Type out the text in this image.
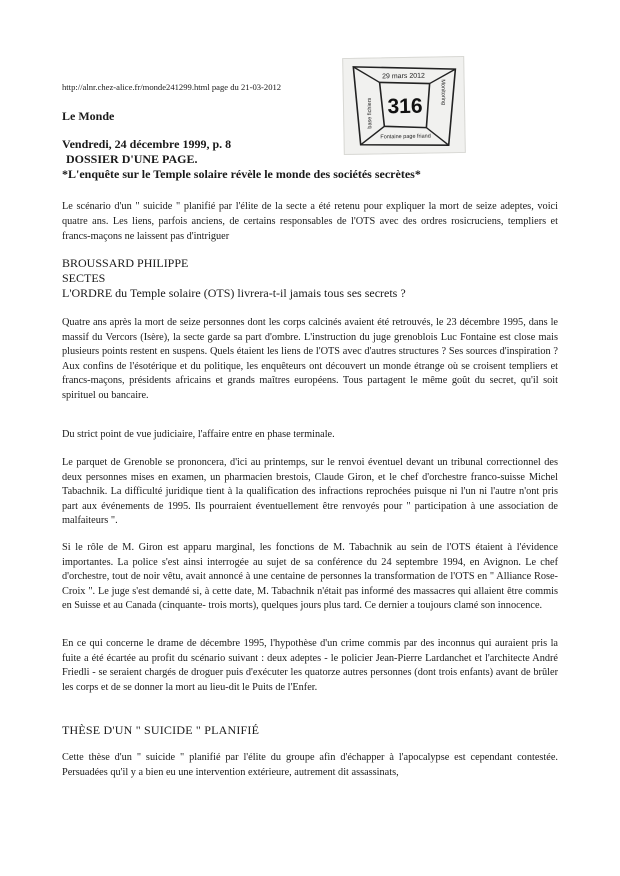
http://alnr.chez-alice.fr/monde241299.html page du 21-03-2012
29 mars 2012
316
base fichiers
Monitoring
Fontaine page friand
Le Monde
Vendredi, 24 décembre 1999, p. 8
DOSSIER D'UNE PAGE.
*L'enquête sur le Temple solaire révèle le monde des sociétés secrètes*
Le scénario d'un " suicide " planifié par l'élite de la secte a été retenu pour expliquer la mort de seize adeptes, voici quatre ans. Les liens, parfois anciens, de certains responsables de l'OTS avec des ordres rosicruciens, templiers et francs-maçons ne laissent pas d'intriguer
BROUSSARD PHILIPPE
SECTES
L'ORDRE du Temple solaire (OTS) livrera-t-il jamais tous ses secrets ?
Quatre ans après la mort de seize personnes dont les corps calcinés avaient été retrouvés, le 23 décembre 1995, dans le massif du Vercors (Isère), la secte garde sa part d'ombre. L'instruction du juge grenoblois Luc Fontaine est close mais plusieurs points restent en suspens. Quels étaient les liens de l'OTS avec d'autres structures ? Ses sources d'inspiration ? Aux confins de l'ésotérique et du politique, les enquêteurs ont découvert un monde étrange où se croisent templiers et francs-maçons, présidents africains et grands maîtres européens. Tous partagent le même goût du secret, qu'il soit spirituel ou bancaire.
Du strict point de vue judiciaire, l'affaire entre en phase terminale.
Le parquet de Grenoble se prononcera, d'ici au printemps, sur le renvoi éventuel devant un tribunal correctionnel des deux personnes mises en examen, un pharmacien brestois, Claude Giron, et le chef d'orchestre franco-suisse Michel Tabachnik. La difficulté juridique tient à la qualification des infractions reprochées puisque ni l'un ni l'autre n'ont pris part aux événements de 1995. Ils pourraient éventuellement être renvoyés pour " participation à une association de malfaiteurs ".
Si le rôle de M. Giron est apparu marginal, les fonctions de M. Tabachnik au sein de l'OTS étaient à l'évidence importantes. La police s'est ainsi interrogée au sujet de sa conférence du 24 septembre 1994, en Avignon. Le chef d'orchestre, tout de noir vêtu, avait annoncé à une centaine de personnes la transformation de l'OTS en " Alliance Rose-Croix ". Le juge s'est demandé si, à cette date, M. Tabachnik n'était pas informé des massacres qui allaient être commis en Suisse et au Canada (cinquante- trois morts), quelques jours plus tard. Ce dernier a toujours clamé son innocence.
En ce qui concerne le drame de décembre 1995, l'hypothèse d'un crime commis par des inconnus qui auraient pris la fuite a été écartée au profit du scénario suivant : deux adeptes - le policier Jean-Pierre Lardanchet et l'architecte André Friedli - se seraient chargés de droguer puis d'exécuter les quatorze autres personnes (dont trois enfants) avant de brûler les corps et de se donner la mort au lieu-dit le Puits de l'Enfer.
THÈSE D'UN " SUICIDE " PLANIFIÉ
Cette thèse d'un " suicide " planifié par l'élite du groupe afin d'échapper à l'apocalypse est cependant contestée. Persuadées qu'il y a bien eu une intervention extérieure, autrement dit assassinats,
